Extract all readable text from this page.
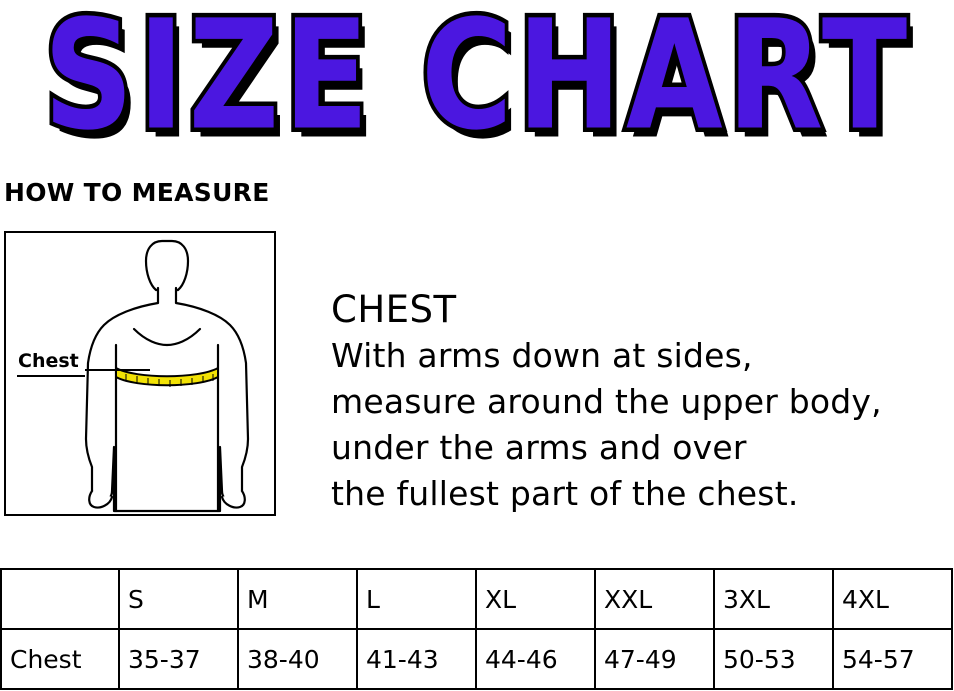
SIZE CHART
HOW TO MEASURE
Chest
CHEST
With arms down at sides,
measure around the upper body,
under the arms and over
the fullest part of the chest.
	S	M	L	XL	XXL	3XL	4XL
Chest	35-37	38-40	41-43	44-46	47-49	50-53	54-57
